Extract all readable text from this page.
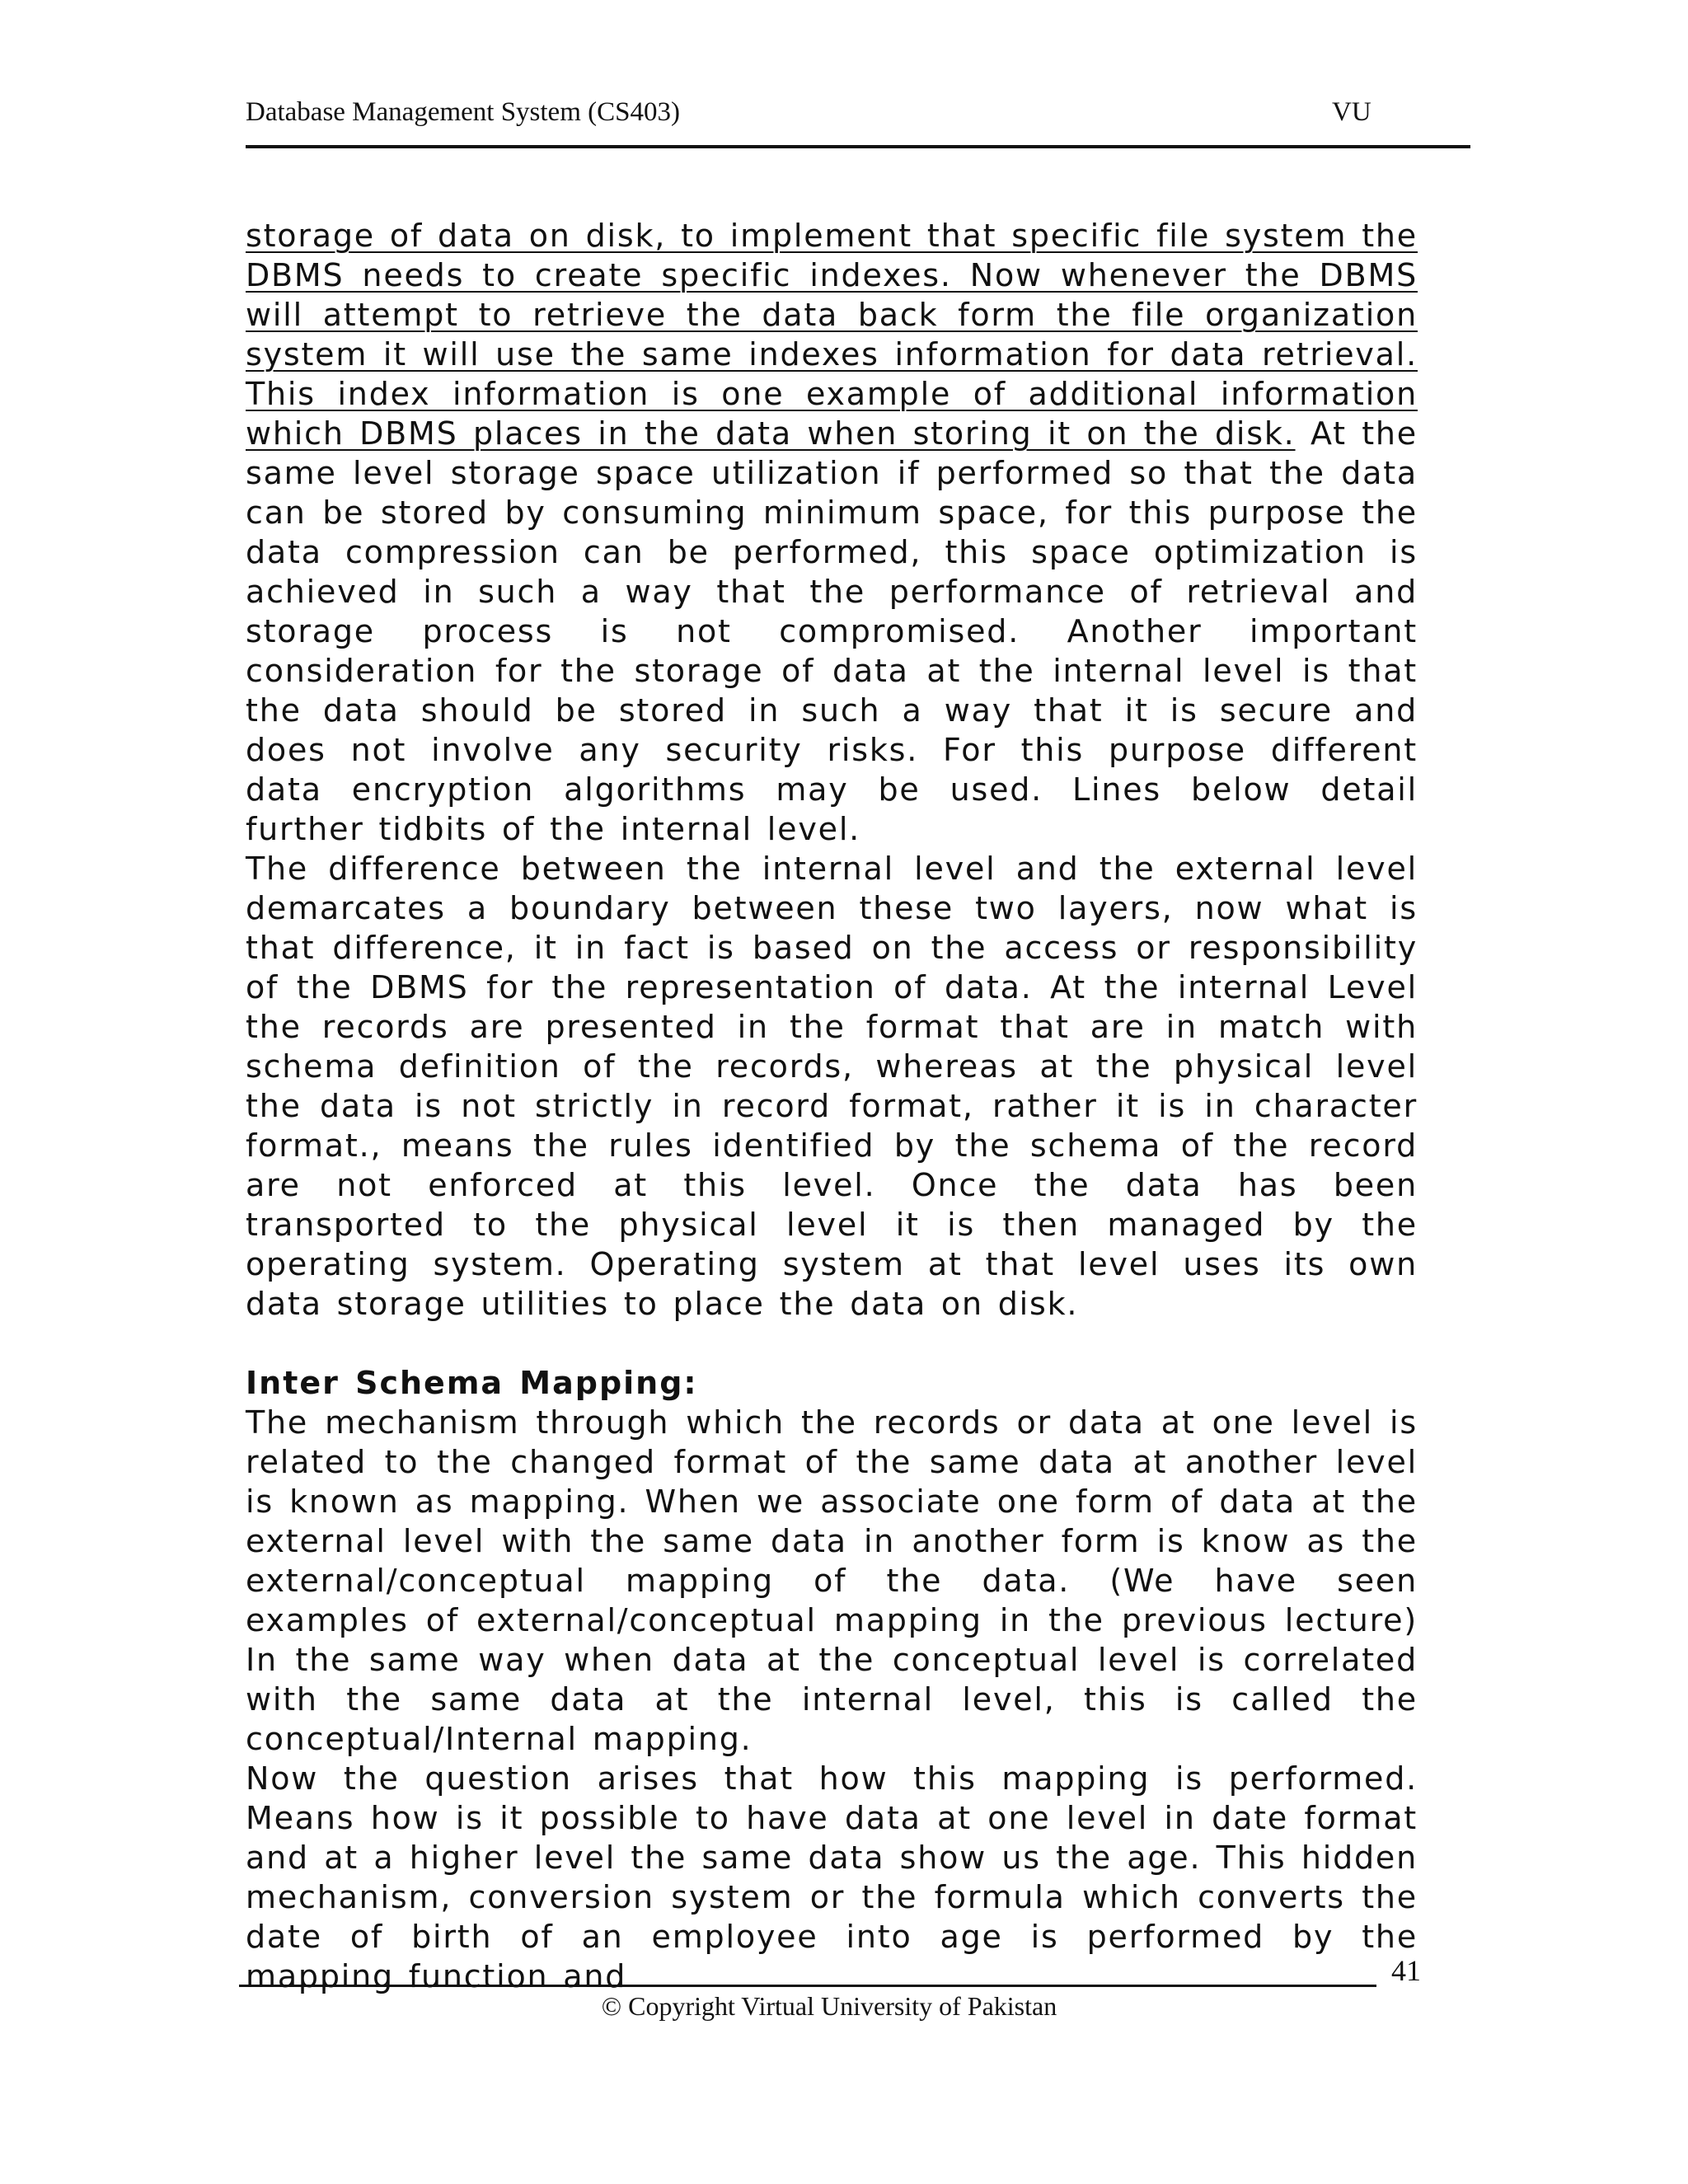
Database Management System (CS403)	VU

storage of data on disk, to implement that specific file system the DBMS needs to create specific indexes. Now whenever the DBMS will attempt to retrieve the data back form the file organization system it will use the same indexes information for data retrieval. This index information is one example of additional information which DBMS places in the data when storing it on the disk. At the same level storage space utilization if performed so that the data can be stored by consuming minimum space, for this purpose the data compression can be performed, this space optimization is achieved in such a way that the performance of retrieval and storage process is not compromised. Another important consideration for the storage of data at the internal level is that the data should be stored in such a way that it is secure and does not involve any security risks. For this purpose different data encryption algorithms may be used. Lines below detail further tidbits of the internal level.

The difference between the internal level and the external level demarcates a boundary between these two layers, now what is that difference, it in fact is based on the access or responsibility of the DBMS for the representation of data. At the internal Level the records are presented in the format that are in match with schema definition of the records, whereas at the physical level the data is not strictly in record format, rather it is in character format., means the rules identified by the schema of the record are not enforced at this level. Once the data has been transported to the physical level it is then managed by the operating system. Operating system at that level uses its own data storage utilities to place the data on disk.

Inter Schema Mapping:

The mechanism through which the records or data at one level is related to the changed format of the same data at another level is known as mapping. When we associate one form of data at the external level with the same data in another form is know as the external/conceptual mapping of the data. (We have seen examples of external/conceptual mapping in the previous lecture) In the same way when data at the conceptual level is correlated with the same data at the internal level, this is called the conceptual/Internal mapping.

Now the question arises that how this mapping is performed. Means how is it possible to have data at one level in date format and at a higher level the same data show us the age. This hidden mechanism, conversion system or the formula which converts the date of birth of an employee into age is performed by the mapping function and	41
© Copyright Virtual University of Pakistan
